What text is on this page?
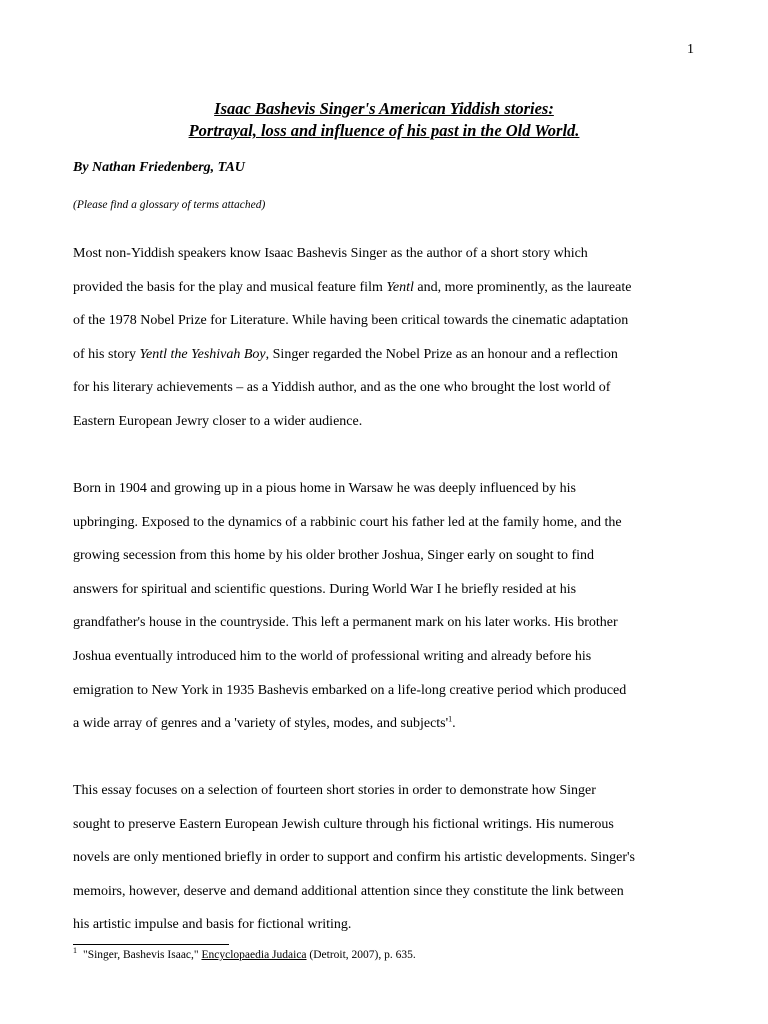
1
Isaac Bashevis Singer's American Yiddish stories:
Portrayal, loss and influence of his past in the Old World.
By Nathan Friedenberg, TAU
(Please find a glossary of terms attached)
Most non-Yiddish speakers know Isaac Bashevis Singer as the author of a short story which
provided the basis for the play and musical feature film Yentl and, more prominently, as the laureate
of the 1978 Nobel Prize for Literature. While having been critical towards the cinematic adaptation
of his story Yentl the Yeshivah Boy, Singer regarded the Nobel Prize as an honour and a reflection
for his literary achievements – as a Yiddish author, and as the one who brought the lost world of
Eastern European Jewry closer to a wider audience.
Born in 1904 and growing up in a pious home in Warsaw he was deeply influenced by his
upbringing. Exposed to the dynamics of a rabbinic court his father led at the family home, and the
growing secession from this home by his older brother Joshua, Singer early on sought to find
answers for spiritual and scientific questions. During World War I he briefly resided at his
grandfather's house in the countryside. This left a permanent mark on his later works. His brother
Joshua eventually introduced him to the world of professional writing and already before his
emigration to New York in 1935 Bashevis embarked on a life-long creative period which produced
a wide array of genres and a 'variety of styles, modes, and $subjects'^1$.
This essay focuses on a selection of fourteen short stories in order to demonstrate how Singer
sought to preserve Eastern European Jewish culture through his fictional writings. His numerous
novels are only mentioned briefly in order to support and confirm his artistic developments. Singer's
memoirs, however, deserve and demand additional attention since they constitute the link between
his artistic impulse and basis for fictional writing.
$^1$ "Singer, Bashevis Isaac," Encyclopaedia Judaica (Detroit, 2007), p. 635.
